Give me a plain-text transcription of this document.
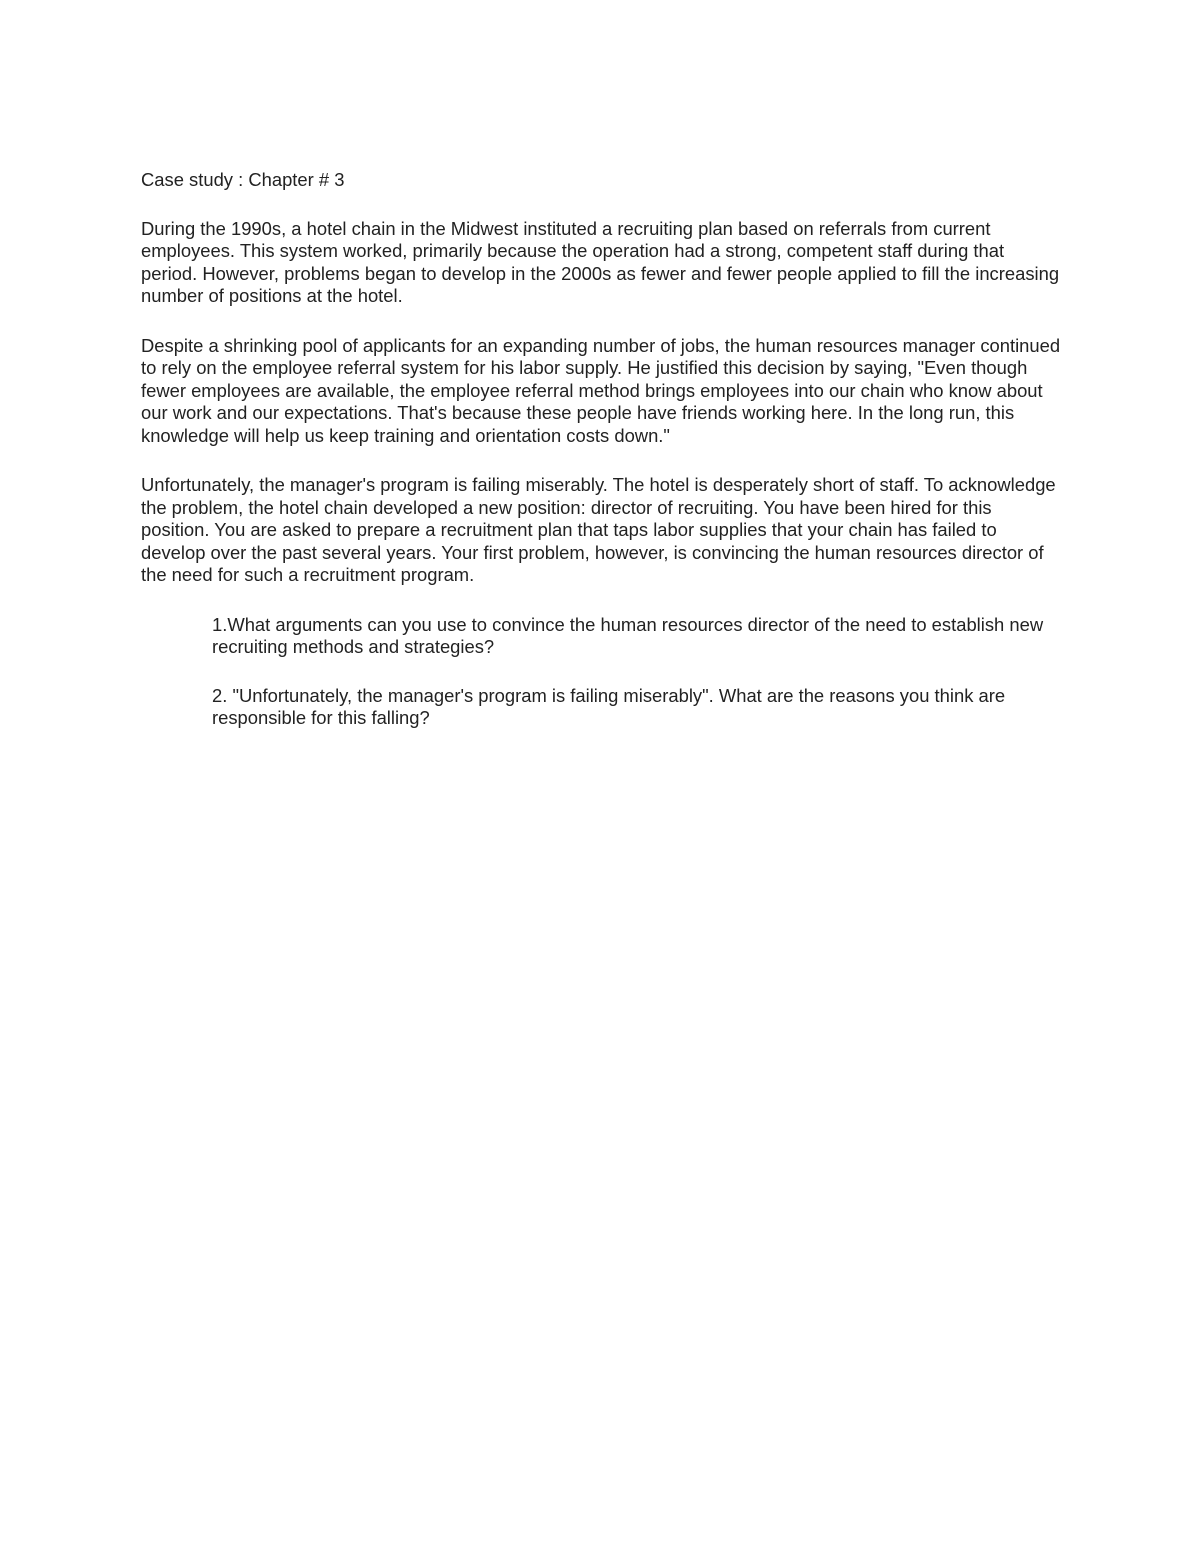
Case study : Chapter # 3

During the 1990s, a hotel chain in the Midwest instituted a recruiting plan based on referrals from current employees. This system worked, primarily because the operation had a strong, competent staff during that period. However, problems began to develop in the 2000s as fewer and fewer people applied to fill the increasing number of positions at the hotel.

Despite a shrinking pool of applicants for an expanding number of jobs, the human resources manager continued to rely on the employee referral system for his labor supply. He justified this decision by saying, "Even though fewer employees are available, the employee referral method brings employees into our chain who know about our work and our expectations. That's because these people have friends working here. In the long run, this knowledge will help us keep training and orientation costs down."

Unfortunately, the manager's program is failing miserably. The hotel is desperately short of staff. To acknowledge the problem, the hotel chain developed a new position: director of recruiting. You have been hired for this position. You are asked to prepare a recruitment plan that taps labor supplies that your chain has failed to develop over the past several years. Your first problem, however, is convincing the human resources director of the need for such a recruitment program.

1.What arguments can you use to convince the human resources director of the need to establish new recruiting methods and strategies?

2. "Unfortunately, the manager's program is failing miserably". What are the reasons you think are responsible for this falling?
